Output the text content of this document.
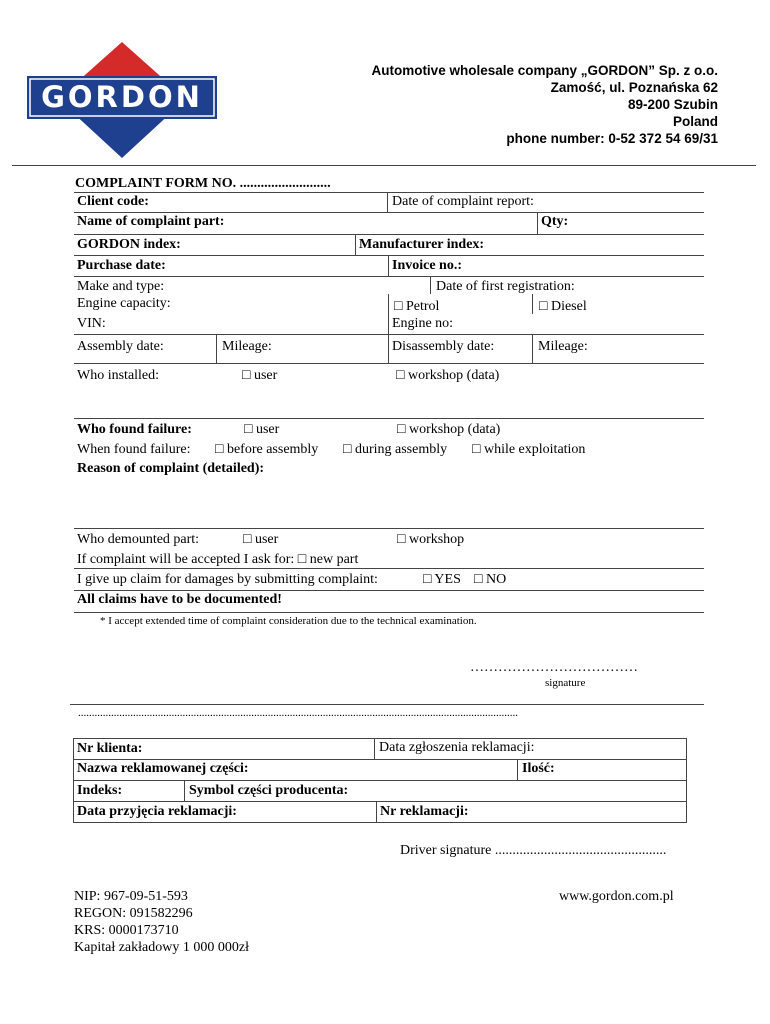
GORDON
Automotive wholesale company „GORDON” Sp. z o.o.
Zamość, ul. Poznańska 62
89-200 Szubin
Poland
phone number: 0-52 372 54 69/31
COMPLAINT FORM NO. ..........................
Client code:	Date of complaint report:
Name of complaint part:	Qty:
GORDON index:	Manufacturer index:
Purchase date:	Invoice no.:
Make and type:	Date of first registration:
Engine capacity:	□ Petrol	□ Diesel
VIN:	Engine no:
Assembly date:	Mileage:	Disassembly date:	Mileage:
Who installed:	□ user	□ workshop (data)
Who found failure:	□ user	□ workshop (data)
When found failure: □ before assembly □ during assembly □ while exploitation
Reason of complaint (detailed):
Who demounted part:	□ user	□ workshop
If complaint will be accepted I ask for: □ new part
I give up claim for damages by submitting complaint:	□ YES □ NO
All claims have to be documented!
* I accept extended time of complaint consideration due to the technical examination.
………………………………
signature
................................................................................................................................................................
Nr klienta:	Data zgłoszenia reklamacji:
Nazwa reklamowanej części:	Ilość:
Indeks:	Symbol części producenta:
Data przyjęcia reklamacji:	Nr reklamacji:
Driver signature .................................................
NIP: 967-09-51-593
REGON: 091582296
KRS: 0000173710
Kapitał zakładowy 1 000 000zł
www.gordon.com.pl
